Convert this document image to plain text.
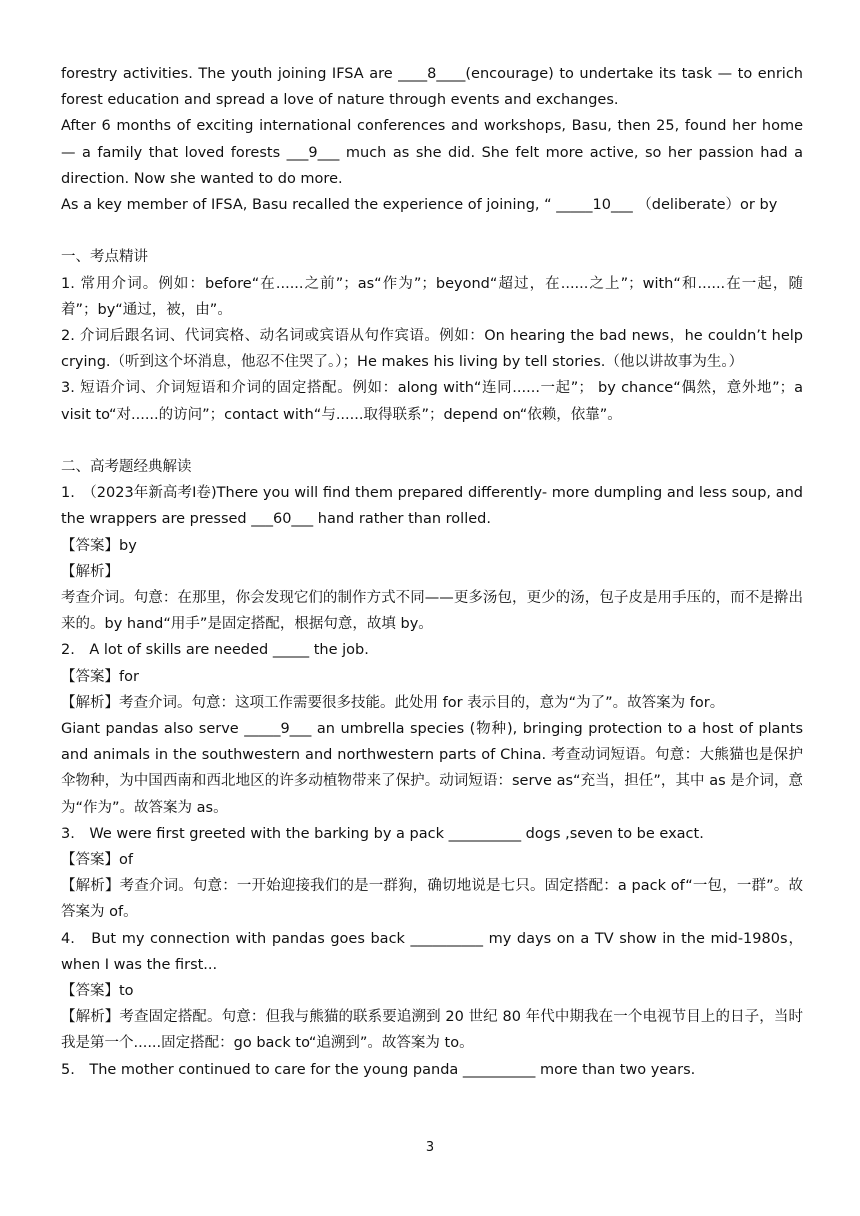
forestry activities. The youth joining IFSA are ____8____(encourage) to undertake its task — to enrich forest education and spread a love of nature through events and exchanges.

After 6 months of exciting international conferences and workshops, Basu, then 25, found her home — a family that loved forests ___9___ much as she did. She felt more active, so her passion had a direction. Now she wanted to do more.

As a key member of IFSA, Basu recalled the experience of joining, “ _____10___ （deliberate）or by

一、考点精讲

1. 常用介词。例如：before“在......之前”；as“作为”；beyond“超过，在......之上”；with“和......在一起，随着”；by“通过，被，由”。

2. 介词后跟名词、代词宾格、动名词或宾语从句作宾语。例如：On hearing the bad news，he couldn’t help crying.（听到这个坏消息，他忍不住哭了。）；He makes his living by tell stories.（他以讲故事为生。）

3. 短语介词、介词短语和介词的固定搭配。例如：along with“连同......一起”； by chance“偶然，意外地”；a visit to“对......的访问”；contact with“与......取得联系”；depend on“依赖，依靠”。

二、高考题经典解读

1.　（2023年新高考I卷)There you will find them prepared differently- more dumpling and less soup, and the wrappers are pressed ___60___ hand rather than rolled.

【答案】by

【解析】

考查介词。句意：在那里，你会发现它们的制作方式不同——更多汤包，更少的汤，包子皮是用手压的，而不是擀出来的。by hand“用手”是固定搭配，根据句意，故填 by。

2.　A lot of skills are needed _____ the job.

【答案】for

【解析】考查介词。句意：这项工作需要很多技能。此处用 for 表示目的，意为“为了”。故答案为 for。

Giant pandas also serve _____9___ an umbrella species (物种), bringing protection to a host of plants and animals in the southwestern and northwestern parts of China. 考查动词短语。句意：大熊猫也是保护伞物种，为中国西南和西北地区的许多动植物带来了保护。动词短语：serve as“充当，担任”，其中 as 是介词，意为“作为”。故答案为 as。

3.　We were first greeted with the barking by a pack __________ dogs ,seven to be exact.

【答案】of

【解析】考查介词。句意：一开始迎接我们的是一群狗，确切地说是七只。固定搭配：a pack of“一包，一群”。故答案为 of。

4.　But my connection with pandas goes back __________ my days on a TV show in the mid-1980s，when I was the first...

【答案】to

【解析】考查固定搭配。句意：但我与熊猫的联系要追溯到 20 世纪 80 年代中期我在一个电视节目上的日子，当时我是第一个......固定搭配：go back to“追溯到”。故答案为 to。

5.　The mother continued to care for the young panda __________ more than two years.

3
